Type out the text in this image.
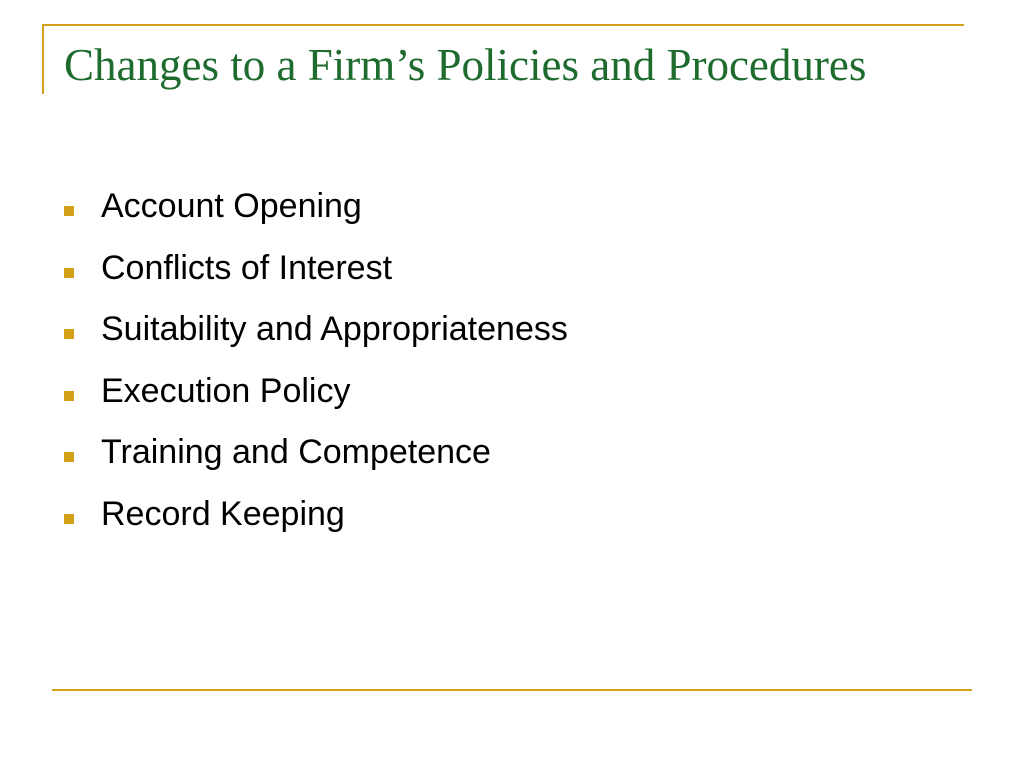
Changes to a Firm’s Policies and Procedures
Account Opening
Conflicts of Interest
Suitability and Appropriateness
Execution Policy
Training and Competence
Record Keeping
